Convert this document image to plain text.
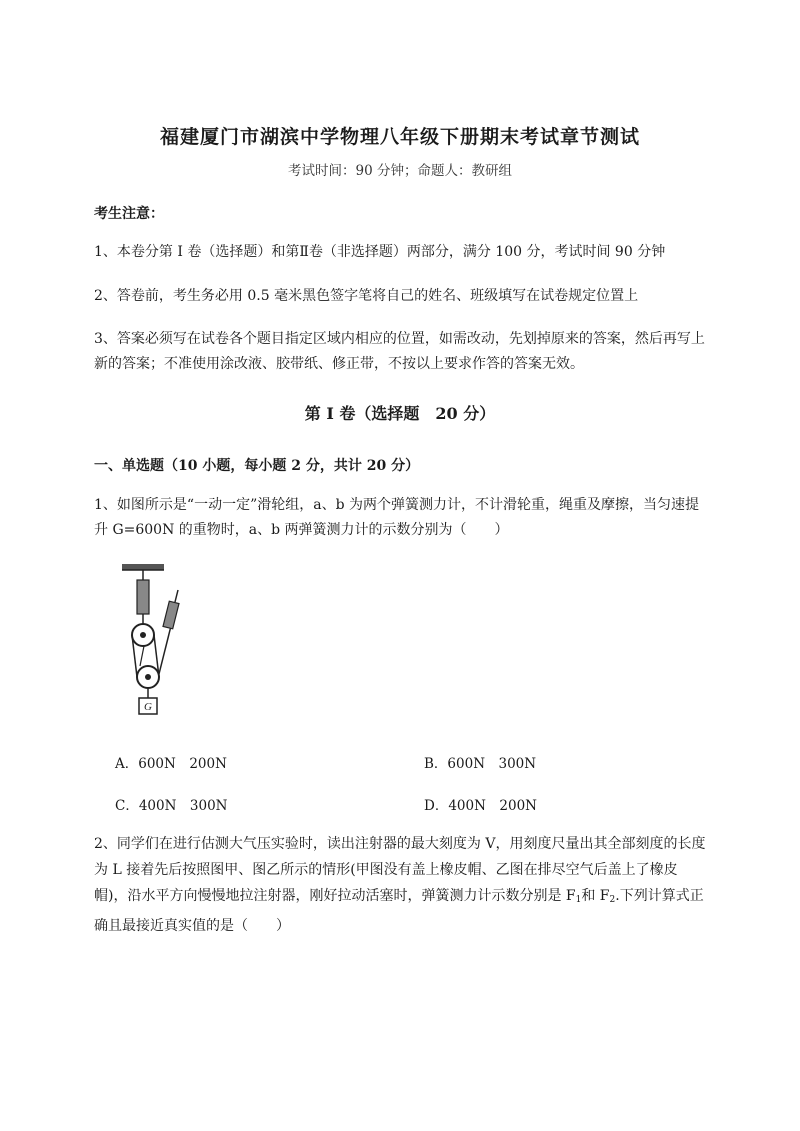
福建厦门市湖滨中学物理八年级下册期末考试章节测试
考试时间：90 分钟；命题人：教研组
考生注意：
1、本卷分第 I 卷（选择题）和第Ⅱ卷（非选择题）两部分，满分 100 分，考试时间 90 分钟
2、答卷前，考生务必用 0.5 毫米黑色签字笔将自己的姓名、班级填写在试卷规定位置上
3、答案必须写在试卷各个题目指定区域内相应的位置，如需改动，先划掉原来的答案，然后再写上新的答案；不准使用涂改液、胶带纸、修正带，不按以上要求作答的答案无效。
第 I 卷（选择题　20 分）
一、单选题（10 小题，每小题 2 分，共计 20 分）
1、如图所示是“一动一定”滑轮组，a、b 为两个弹簧测力计，不计滑轮重，绳重及摩擦，当匀速提升 G=600N 的重物时，a、b 两弹簧测力计的示数分别为（　　）
G
A．600N　200N	B．600N　300N
C．400N　300N	D．400N　200N
2、同学们在进行估测大气压实验时，读出注射器的最大刻度为 V，用刻度尺量出其全部刻度的长度为 L 接着先后按照图甲、图乙所示的情形(甲图没有盖上橡皮帽、乙图在排尽空气后盖上了橡皮帽)，沿水平方向慢慢地拉注射器，刚好拉动活塞时，弹簧测力计示数分别是 $F_1$和 $F_2$.下列计算式正确且最接近真实值的是（　　）
